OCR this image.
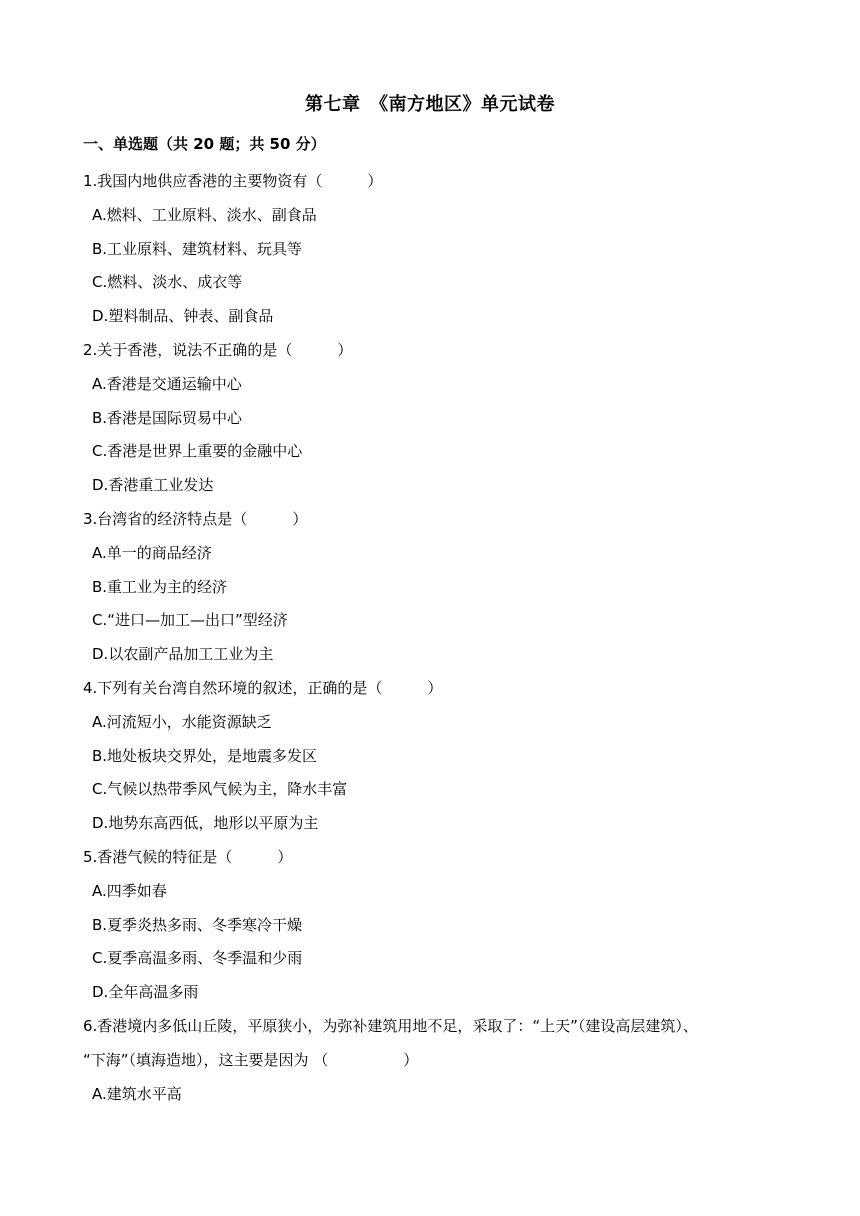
第七章　《南方地区》单元试卷
一、单选题（共 20 题；共 50 分）
1.我国内地供应香港的主要物资有（　　　）
A.燃料、工业原料、淡水、副食品
B.工业原料、建筑材料、玩具等
C.燃料、淡水、成衣等
D.塑料制品、钟表、副食品
2.关于香港，说法不正确的是（　　　）
A.香港是交通运输中心
B.香港是国际贸易中心
C.香港是世界上重要的金融中心
D.香港重工业发达
3.台湾省的经济特点是（　　　）
A.单一的商品经济
B.重工业为主的经济
C.“进口—加工—出口”型经济
D.以农副产品加工工业为主
4.下列有关台湾自然环境的叙述，正确的是（　　　）
A.河流短小，水能资源缺乏
B.地处板块交界处，是地震多发区
C.气候以热带季风气候为主，降水丰富
D.地势东高西低，地形以平原为主
5.香港气候的特征是（　　　）
A.四季如春
B.夏季炎热多雨、冬季寒冷干燥
C.夏季高温多雨、冬季温和少雨
D.全年高温多雨
6.香港境内多低山丘陵，平原狭小，为弥补建筑用地不足，采取了：“上天”（建设高层建筑）、
“下海”（填海造地），这主要是因为 （　　　　　）
A.建筑水平高
